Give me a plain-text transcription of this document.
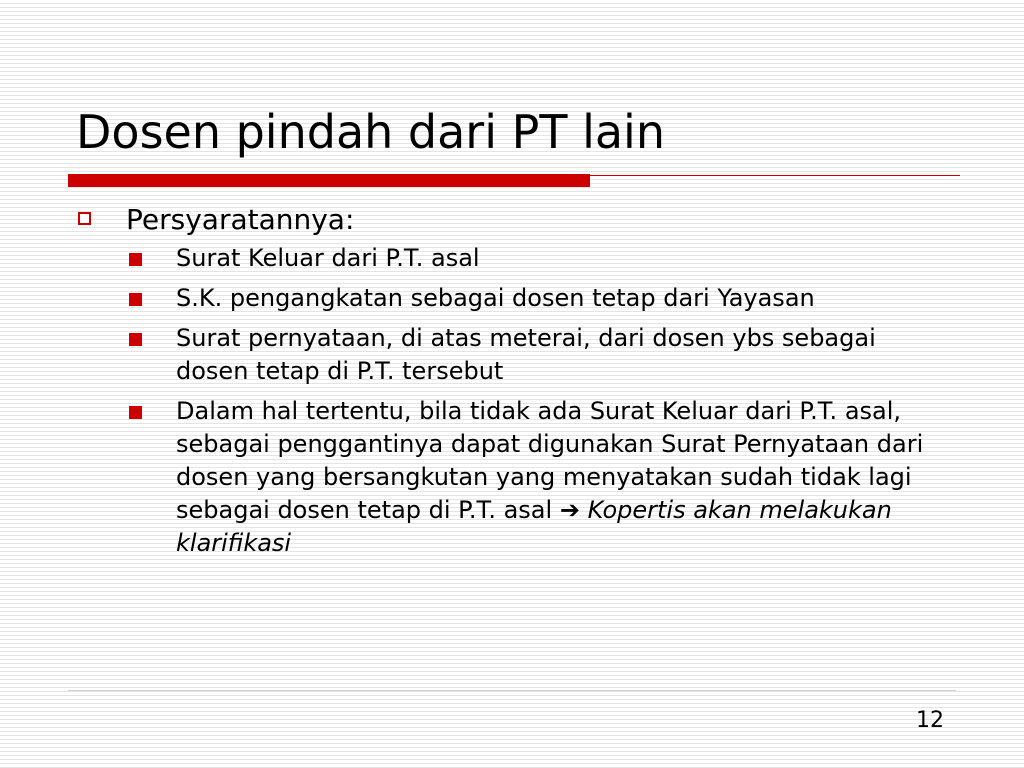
Dosen pindah dari PT lain

Persyaratannya:

Surat Keluar dari P.T. asal
S.K. pengangkatan sebagai dosen tetap dari Yayasan
Surat pernyataan, di atas meterai, dari dosen ybs sebagai dosen tetap di P.T. tersebut
Dalam hal tertentu, bila tidak ada Surat Keluar dari P.T. asal, sebagai penggantinya dapat digunakan Surat Pernyataan dari dosen yang bersangkutan yang menyatakan sudah tidak lagi sebagai dosen tetap di P.T. asal ➔ Kopertis akan melakukan klarifikasi
12
